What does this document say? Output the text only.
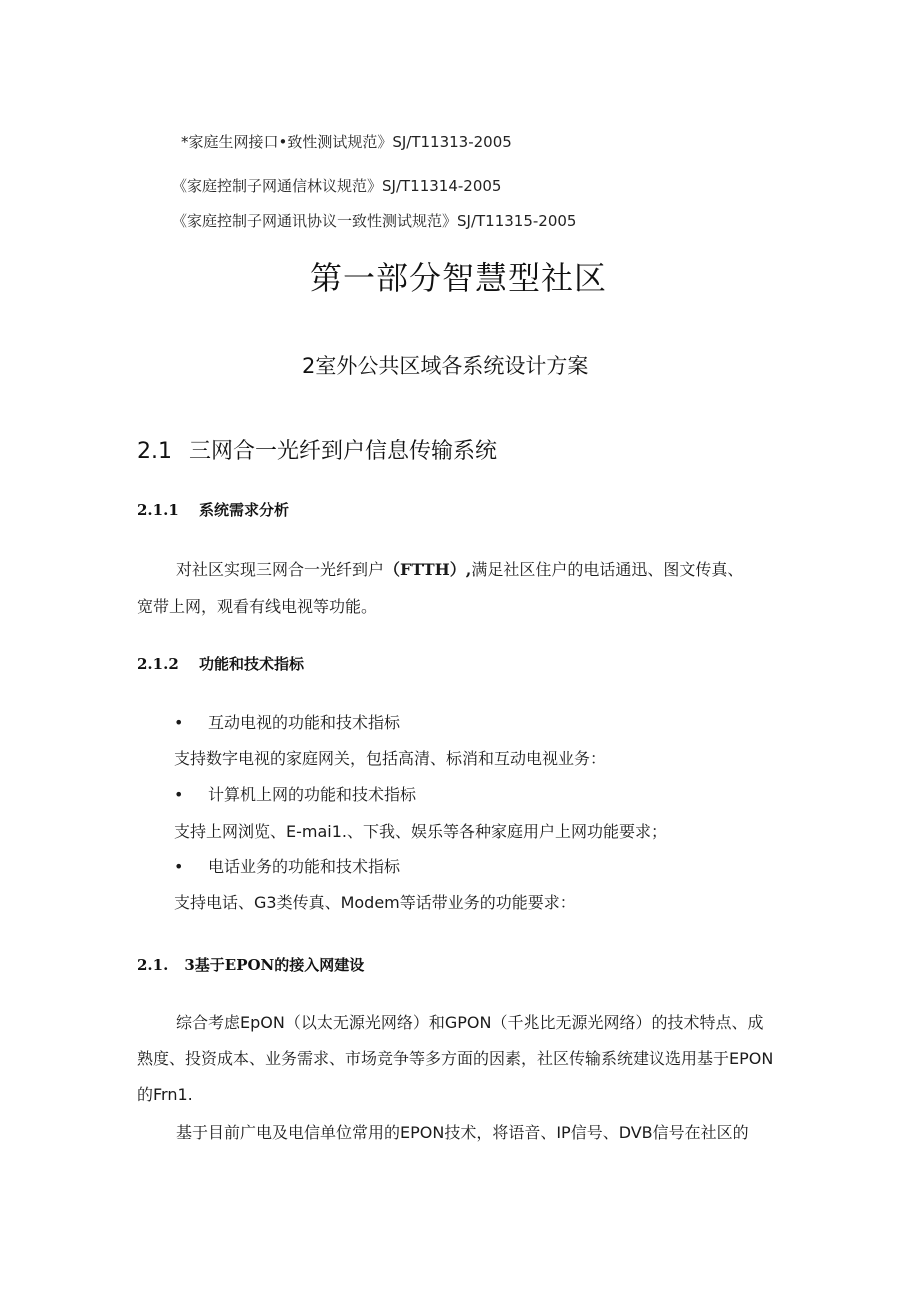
*家庭生网接口•致性测试规范》SJ/T11313-2005

《家庭控制子网通信林议规范》SJ/T11314-2005

《家庭控制子网通讯协议一致性测试规范》SJ/T11315-2005

第一部分智慧型社区
2室外公共区域各系统设计方案
2.1 三网合一光纤到户信息传输系统
2.1.1 系统需求分析

对社区实现三网合一光纤到户（FTTH）,满足社区住户的电话通迅、图文传真、

宽带上网，观看有线电视等功能。

2.1.2 功能和技术指标

• 互动电视的功能和技术指标

支持数字电视的家庭网关，包括高清、标消和互动电视业务：

• 计算机上网的功能和技术指标

支持上网浏览、E-mai1.、下我、娱乐等各种家庭用户上网功能要求；

• 电话业务的功能和技术指标

支持电话、G3类传真、Modem等话带业务的功能要求：

2.1. 3基于EPON的接入网建设

综合考虑EpON（以太无源光网络）和GPON（千兆比无源光网络）的技术特点、成

熟度、投资成本、业务需求、市场竞争等多方面的因素，社区传输系统建议选用基于EPON

的Frn1.

基于目前广电及电信单位常用的EPON技术，将语音、IP信号、DVB信号在社区的
